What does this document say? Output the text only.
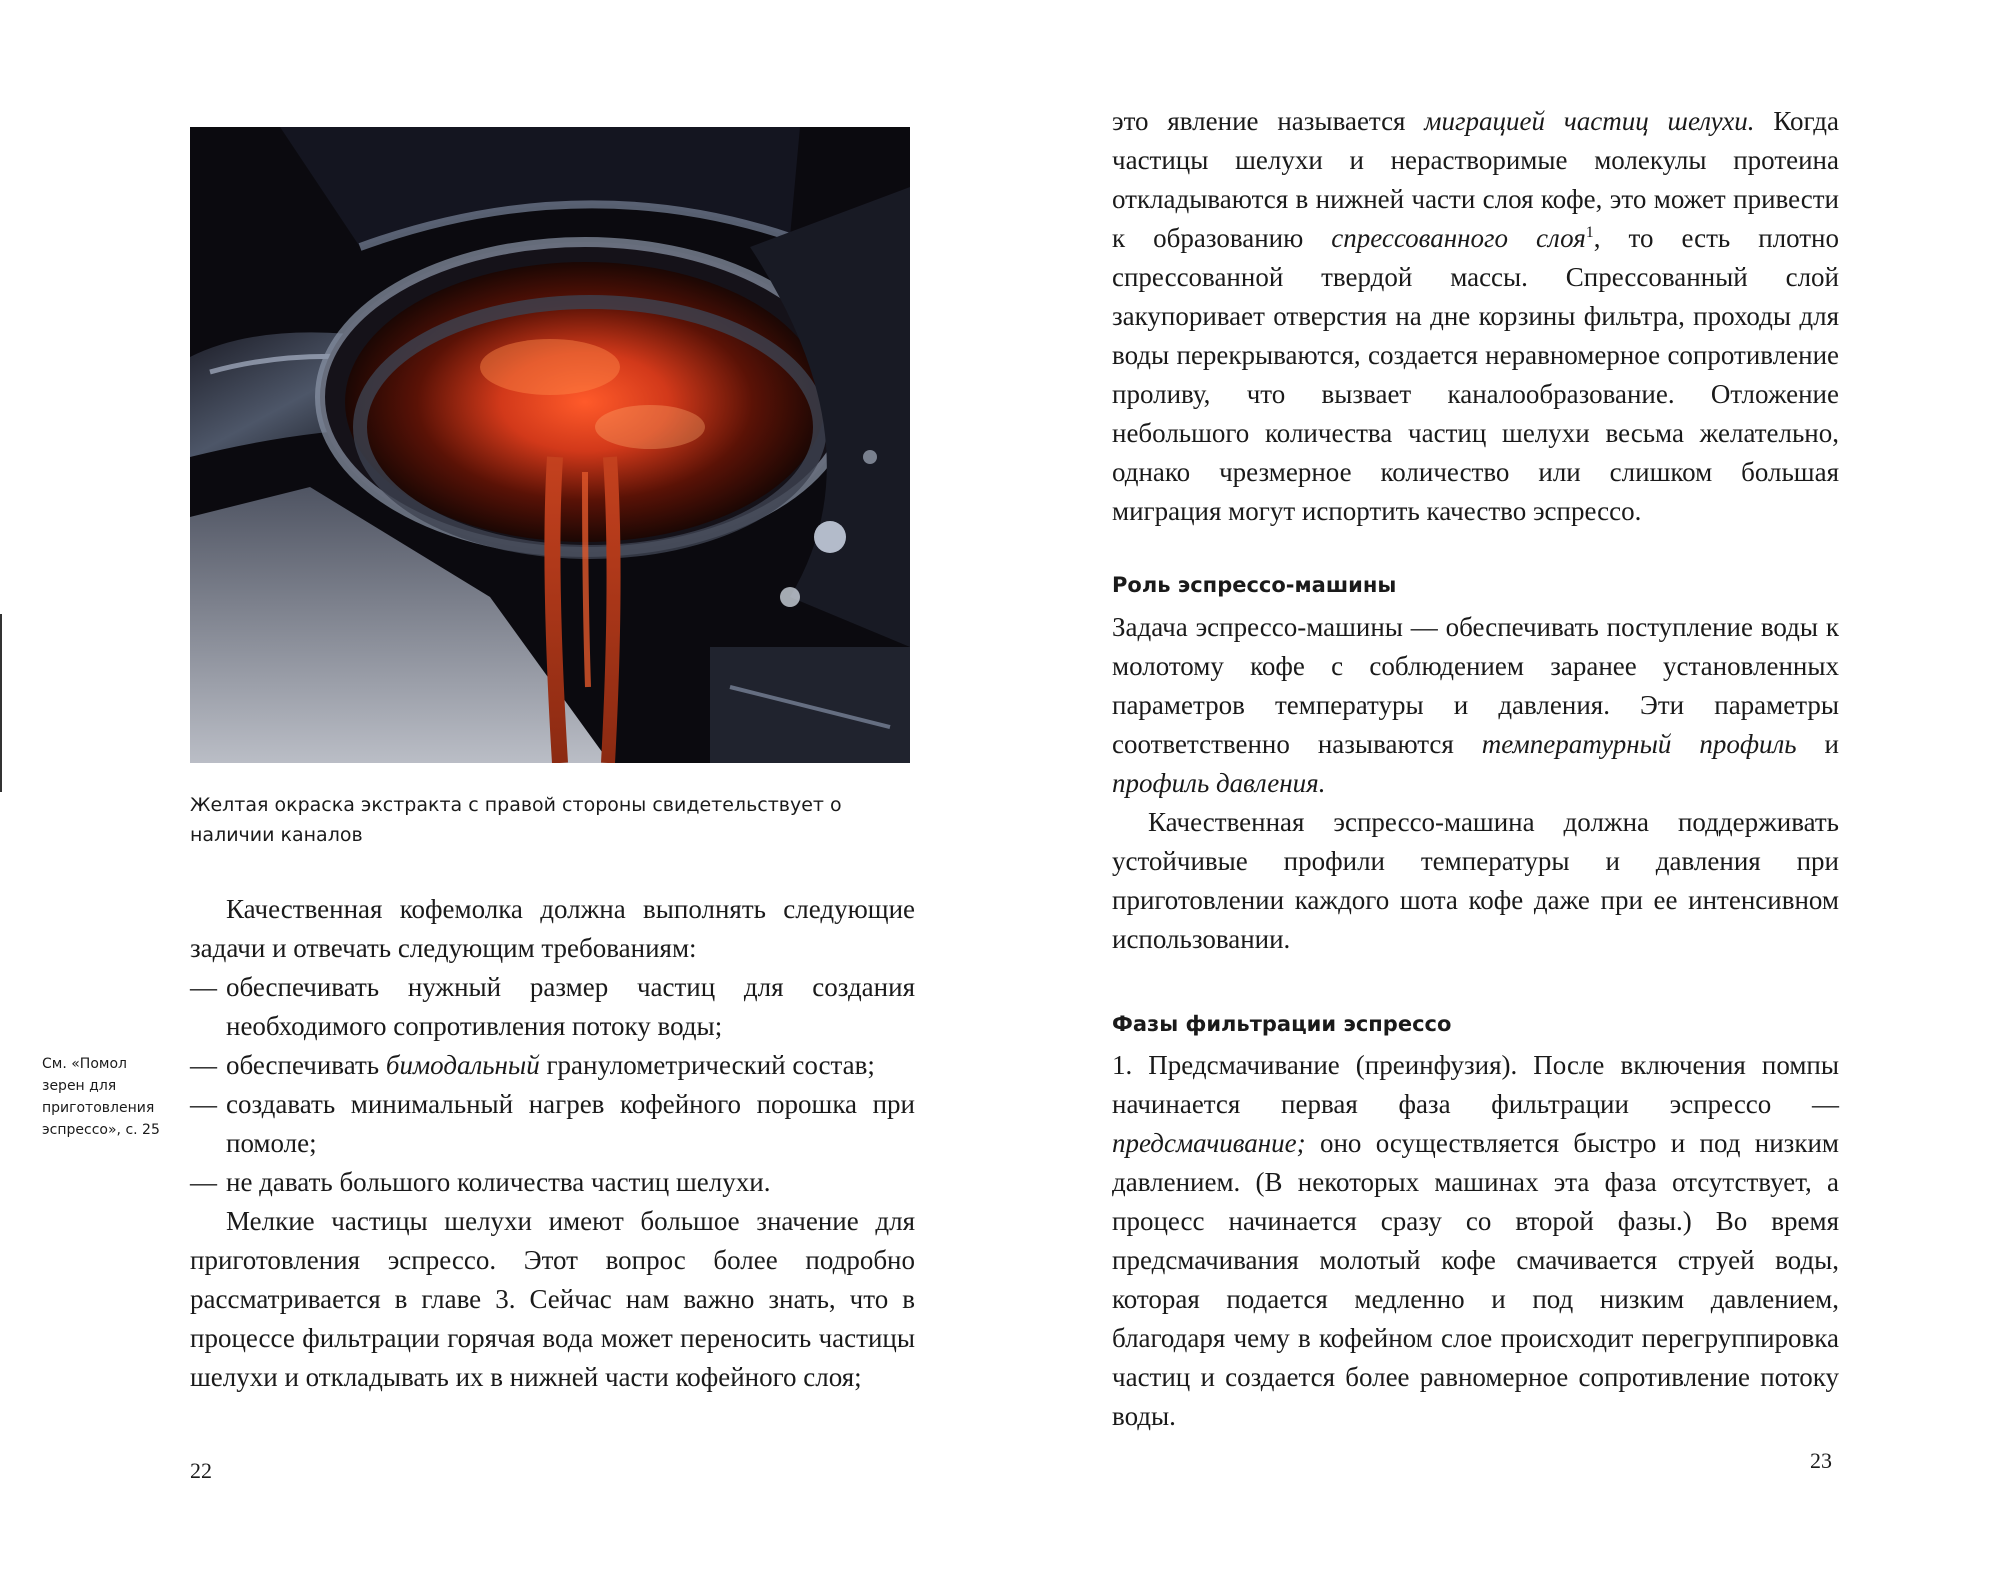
Желтая окраска экстракта с правой стороны свидетельствует о наличии каналов

Качественная кофемолка должна выполнять следующие задачи и отвечать следующим требованиям:

— обеспечивать нужный размер частиц для создания необходимого сопротивления потоку воды;
— обеспечивать бимодальный гранулометрический состав;
— создавать минимальный нагрев кофейного порошка при помоле;
— не давать большого количества частиц шелухи.

Мелкие частицы шелухи имеют большое значение для приготовления эспрессо. Этот вопрос более подробно рассматривается в главе 3. Сейчас нам важно знать, что в процессе фильтрации горячая вода может переносить частицы шелухи и откладывать их в нижней части кофейного слоя;

См. «Помол зерен для приготовления эспрессо», с. 25
22

это явление называется миграцией частиц шелухи. Когда частицы шелухи и нерастворимые молекулы протеина откладываются в нижней части слоя кофе, это может привести к образованию спрессованного слоя$^1$, то есть плотно спрессованной твердой массы. Спрессованный слой закупоривает отверстия на дне корзины фильтра, проходы для воды перекрываются, создается неравномерное сопротивление проливу, что вызвает каналообразование. Отложение небольшого количества частиц шелухи весьма желательно, однако чрезмерное количество или слишком большая миграция могут испортить качество эспрессо.

Роль эспрессо-машины

Задача эспрессо-машины — обеспечивать поступление воды к молотому кофе с соблюдением заранее установленных параметров температуры и давления. Эти параметры соответственно называются температурный профиль и профиль давления.

Качественная эспрессо-машина должна поддерживать устойчивые профили температуры и давления при приготовлении каждого шота кофе даже при ее интенсивном использовании.

Фазы фильтрации эспрессо

1. Предсмачивание (преинфузия). После включения помпы начинается первая фаза фильтрации эспрессо — предсмачивание; оно осуществляется быстро и под низким давлением. (В некоторых машинах эта фаза отсутствует, а процесс начинается сразу со второй фазы.) Во время предсмачивания молотый кофе смачивается струей воды, которая подается медленно и под низким давлением, благодаря чему в кофейном слое происходит перегруппировка частиц и создается более равномерное сопротивление потоку воды.

23
